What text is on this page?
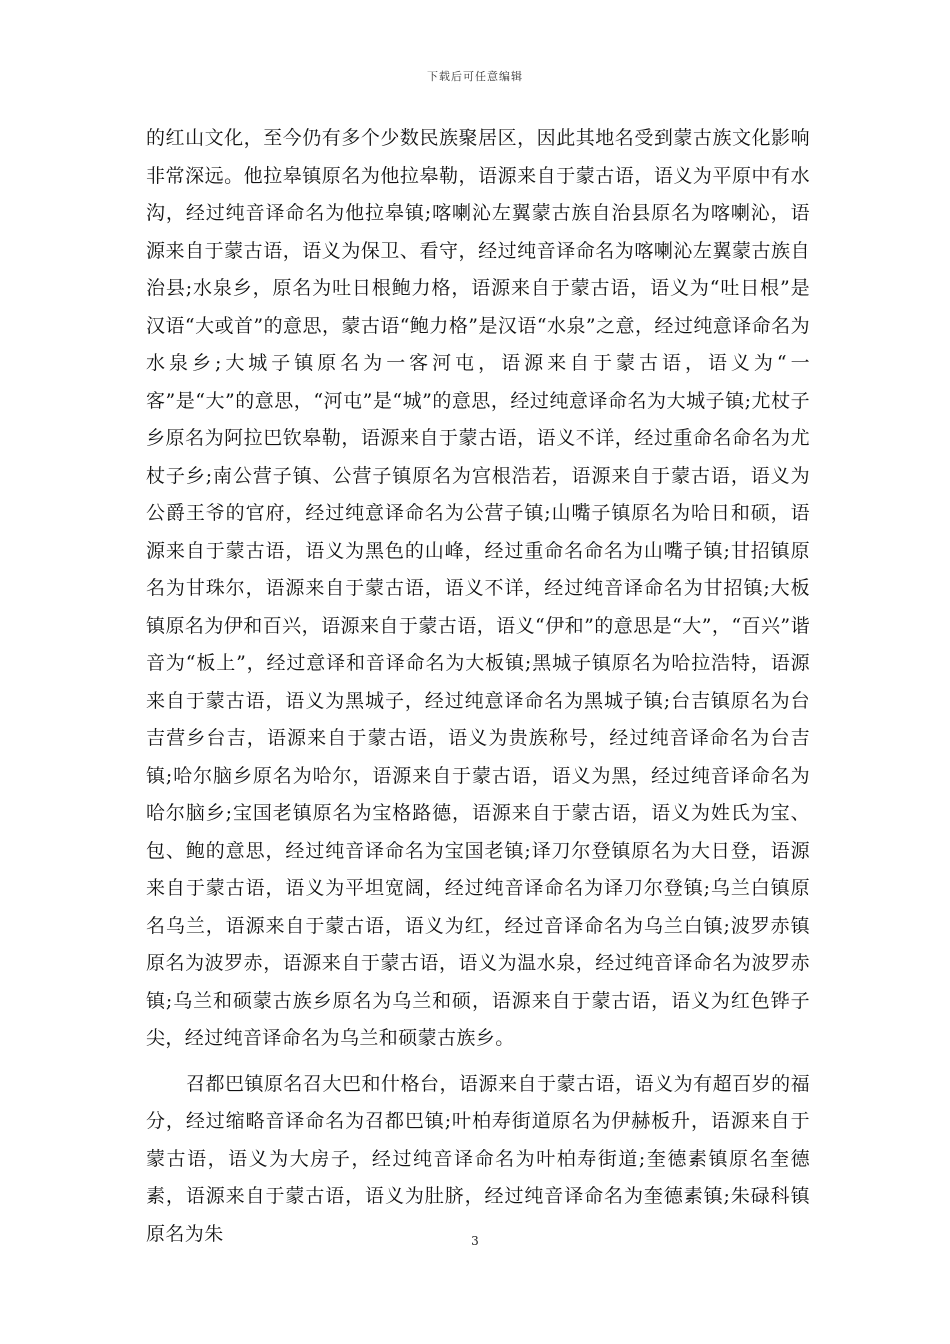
下载后可任意编辑

的红山文化，至今仍有多个少数民族聚居区，因此其地名受到蒙古族文化影响非常深远。他拉皋镇原名为他拉皋勒，语源来自于蒙古语，语义为平原中有水沟，经过纯音译命名为他拉皋镇;喀喇沁左翼蒙古族自治县原名为喀喇沁，语源来自于蒙古语，语义为保卫、看守，经过纯音译命名为喀喇沁左翼蒙古族自治县;水泉乡，原名为吐日根鲍力格，语源来自于蒙古语，语义为“吐日根”是汉语“大或首”的意思，蒙古语“鲍力格”是汉语“水泉”之意，经过纯意译命名为水泉乡;大城子镇原名为一客河屯，语源来自于蒙古语，语义为“一客”是“大”的意思，“河屯”是“城”的意思，经过纯意译命名为大城子镇;尤杖子乡原名为阿拉巴钦皋勒，语源来自于蒙古语，语义不详，经过重命名命名为尤杖子乡;南公营子镇、公营子镇原名为宫根浩若，语源来自于蒙古语，语义为公爵王爷的官府，经过纯意译命名为公营子镇;山嘴子镇原名为哈日和硕，语源来自于蒙古语，语义为黑色的山峰，经过重命名命名为山嘴子镇;甘招镇原名为甘珠尔，语源来自于蒙古语，语义不详，经过纯音译命名为甘招镇;大板镇原名为伊和百兴，语源来自于蒙古语，语义“伊和”的意思是“大”，“百兴”谐音为“板上”，经过意译和音译命名为大板镇;黑城子镇原名为哈拉浩特，语源来自于蒙古语，语义为黑城子，经过纯意译命名为黑城子镇;台吉镇原名为台吉营乡台吉，语源来自于蒙古语，语义为贵族称号，经过纯音译命名为台吉镇;哈尔脑乡原名为哈尔，语源来自于蒙古语，语义为黑，经过纯音译命名为哈尔脑乡;宝国老镇原名为宝格路德，语源来自于蒙古语，语义为姓氏为宝、包、鲍的意思，经过纯音译命名为宝国老镇;译刀尔登镇原名为大日登，语源来自于蒙古语，语义为平坦宽阔，经过纯音译命名为译刀尔登镇;乌兰白镇原名乌兰，语源来自于蒙古语，语义为红，经过音译命名为乌兰白镇;波罗赤镇原名为波罗赤，语源来自于蒙古语，语义为温水泉，经过纯音译命名为波罗赤镇;乌兰和硕蒙古族乡原名为乌兰和硕，语源来自于蒙古语，语义为红色铧子尖，经过纯音译命名为乌兰和硕蒙古族乡。

召都巴镇原名召大巴和什格台，语源来自于蒙古语，语义为有超百岁的福分，经过缩略音译命名为召都巴镇;叶柏寿街道原名为伊赫板升，语源来自于蒙古语，语义为大房子，经过纯音译命名为叶柏寿街道;奎德素镇原名奎德素，语源来自于蒙古语，语义为肚脐，经过纯音译命名为奎德素镇;朱碌科镇原名为朱	3
